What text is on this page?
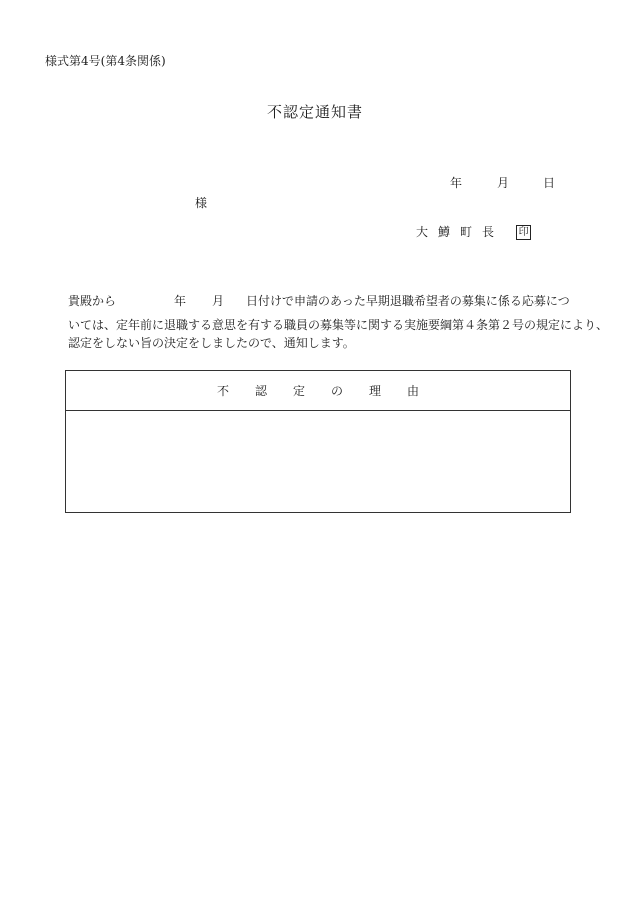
様式第4号(第4条関係)
不認定通知書
年	月	日
様
大 鱒 町 長 印
貴殿から	年 月 日付けで申請のあった早期退職希望者の募集に係る応募につ
いては、定年前に退職する意思を有する職員の募集等に関する実施要綱第４条第２号の規定により、
認定をしない旨の決定をしましたので、通知します。
不 認 定 の 理 由
